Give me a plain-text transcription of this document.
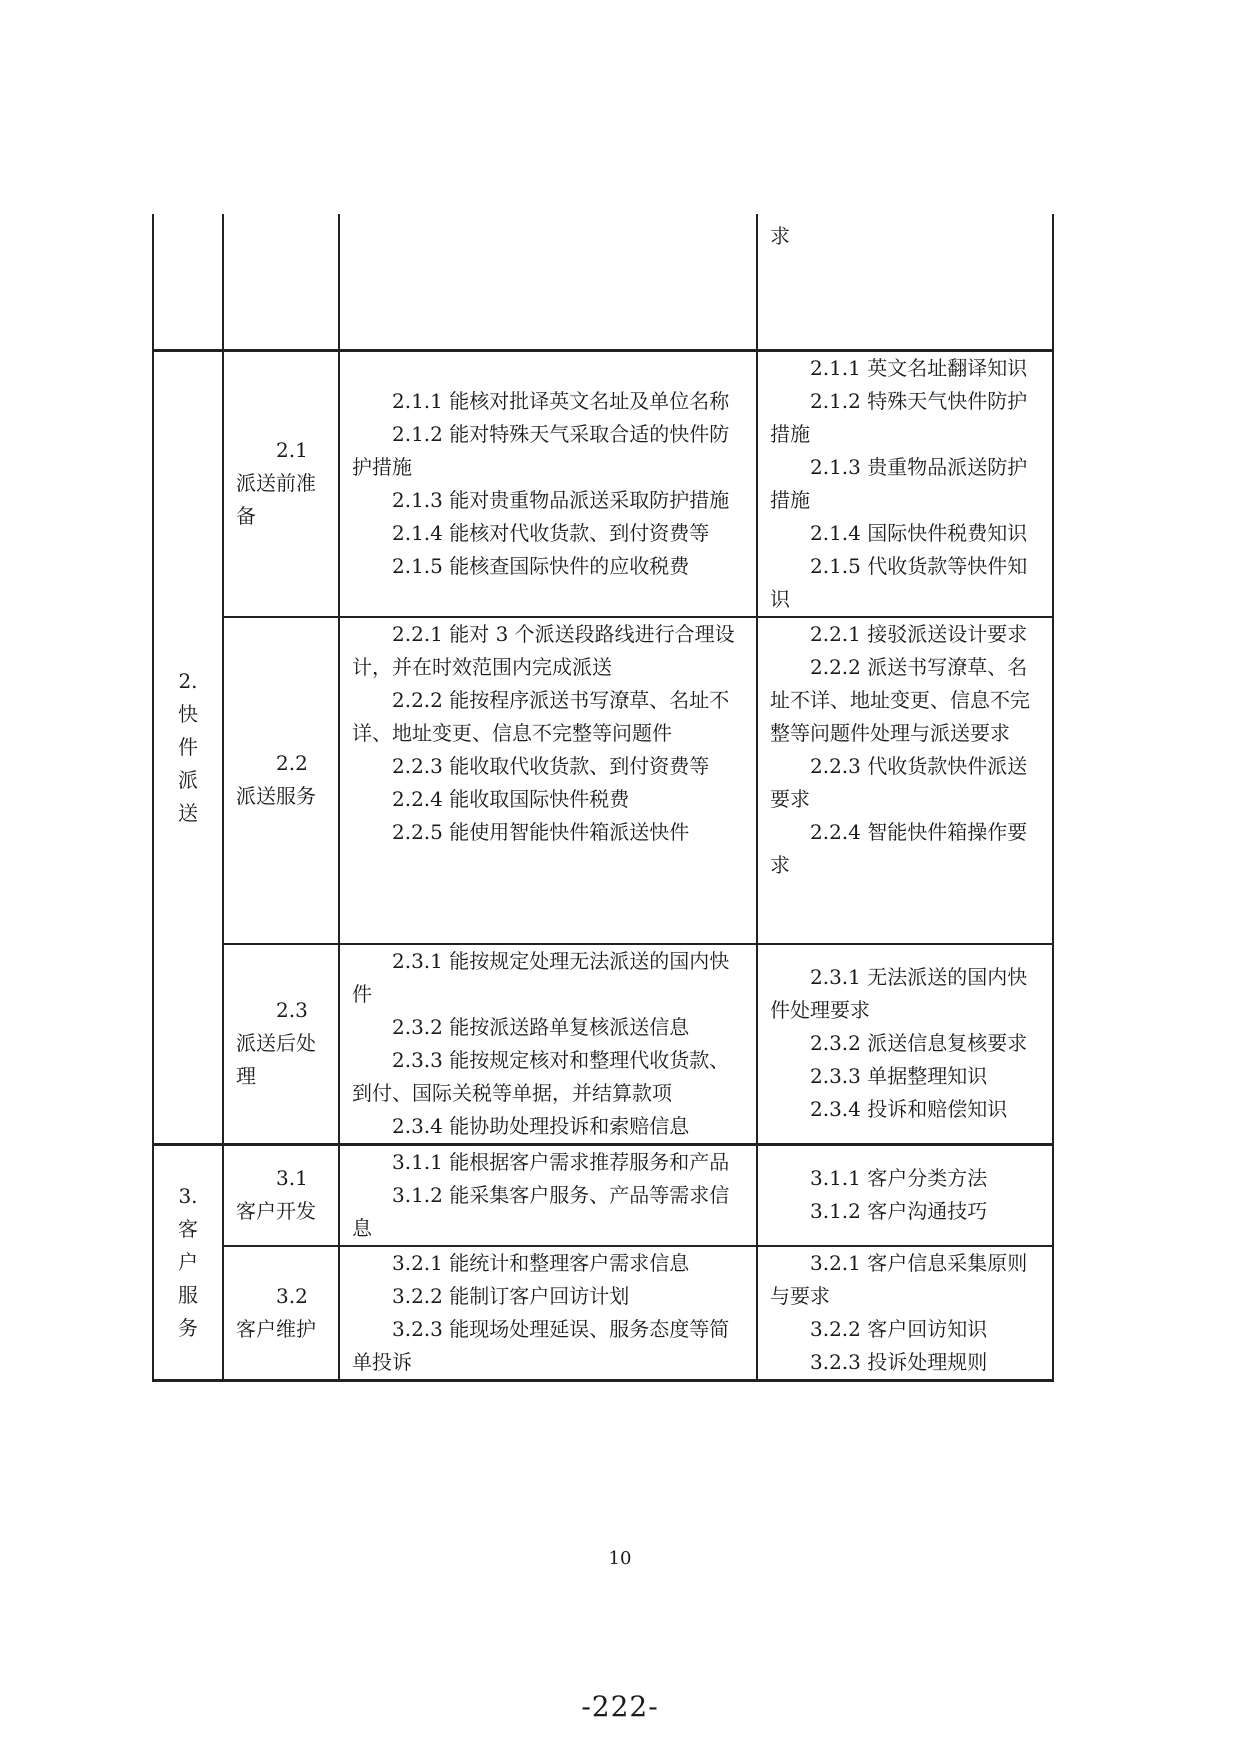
			求
2.快件派送	2.1 派送前准备	2.1.1 能核对批译英文名址及单位名称
2.1.2 能对特殊天气采取合适的快件防护措施
2.1.3 能对贵重物品派送采取防护措施
2.1.4 能核对代收货款、到付资费等
2.1.5 能核查国际快件的应收税费	2.1.1 英文名址翻译知识
2.1.2 特殊天气快件防护措施
2.1.3 贵重物品派送防护措施
2.1.4 国际快件税费知识
2.1.5 代收货款等快件知识

	2.2 派送服务	2.2.1 能对 3 个派送段路线进行合理设计，并在时效范围内完成派送
2.2.2 能按程序派送书写潦草、名址不详、地址变更、信息不完整等问题件
2.2.3 能收取代收货款、到付资费等
2.2.4 能收取国际快件税费
2.2.5 能使用智能快件箱派送快件	2.2.1 接驳派送设计要求
2.2.2 派送书写潦草、名址不详、地址变更、信息不完整等问题件处理与派送要求
2.2.3 代收货款快件派送要求
2.2.4 智能快件箱操作要求

	2.3 派送后处理	2.3.1 能按规定处理无法派送的国内快件
2.3.2 能按派送路单复核派送信息
2.3.3 能按规定核对和整理代收货款、到付、国际关税等单据，并结算款项
2.3.4 能协助处理投诉和索赔信息	2.3.1 无法派送的国内快件处理要求
2.3.2 派送信息复核要求
2.3.3 单据整理知识
2.3.4 投诉和赔偿知识

3.客户服务	3.1 客户开发	3.1.1 能根据客户需求推荐服务和产品
3.1.2 能采集客户服务、产品等需求信息	3.1.1 客户分类方法
3.1.2 客户沟通技巧

	3.2 客户维护	3.2.1 能统计和整理客户需求信息
3.2.2 能制订客户回访计划
3.2.3 能现场处理延误、服务态度等简单投诉	3.2.1 客户信息采集原则与要求
3.2.2 客户回访知识
3.2.3 投诉处理规则
10
-222-
